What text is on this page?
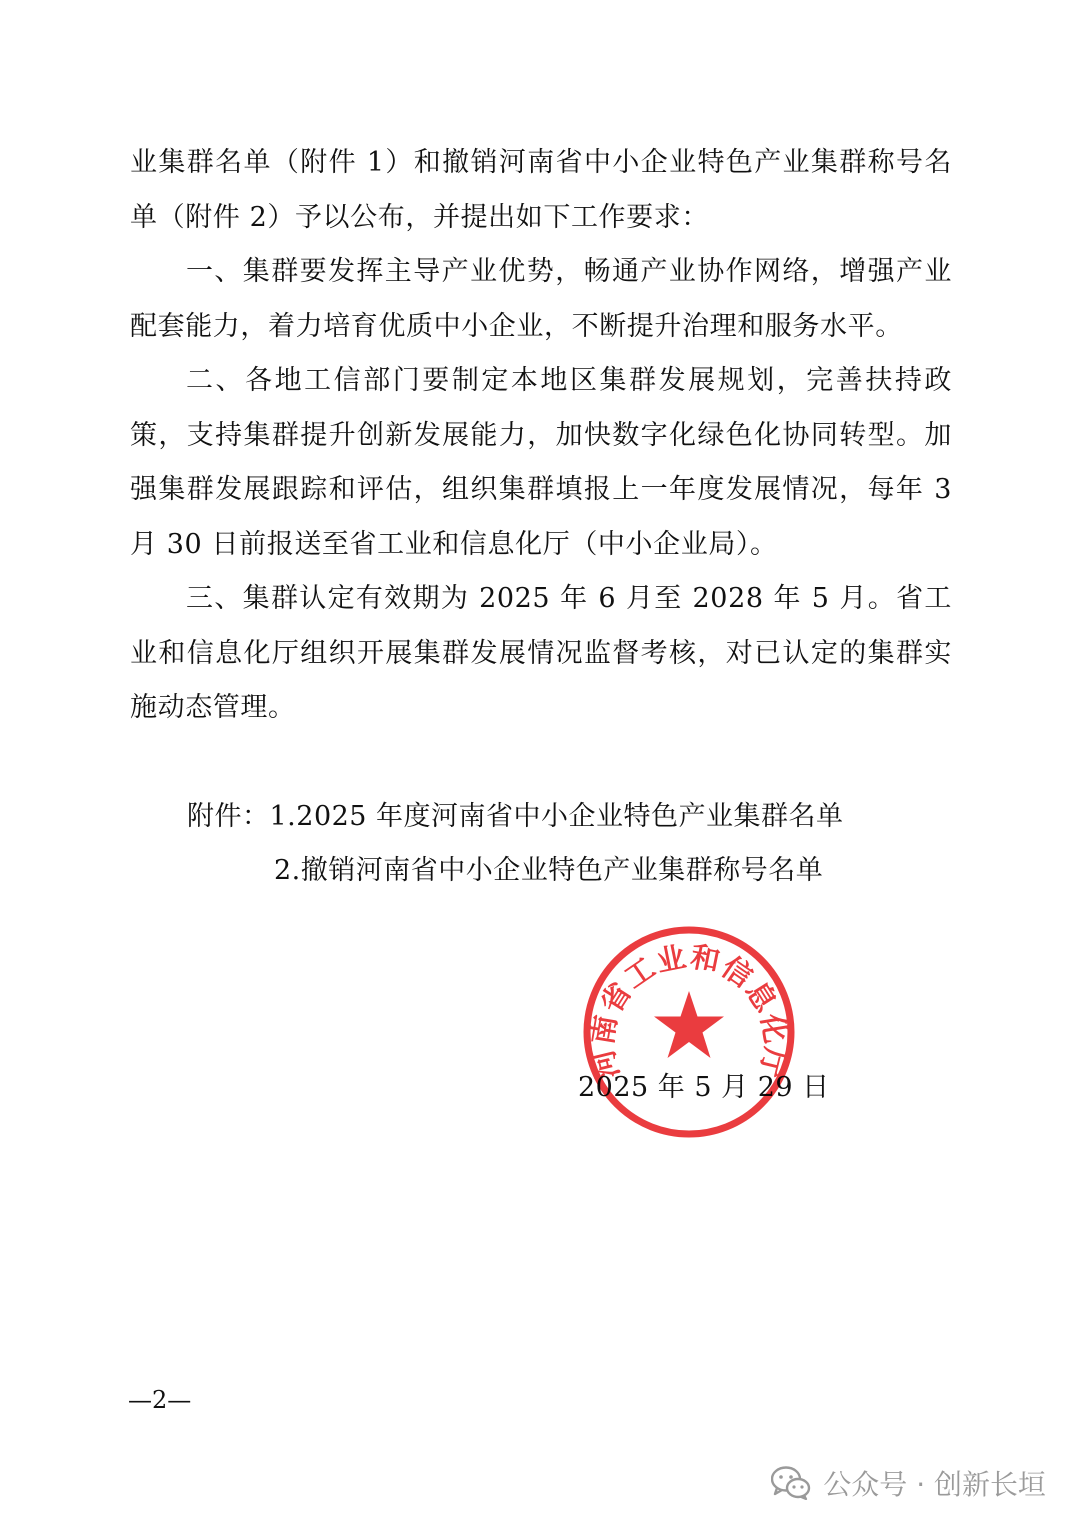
业集群名单（附件 1）和撤销河南省中小企业特色产业集群称号名单（附件 2）予以公布，并提出如下工作要求：

一、集群要发挥主导产业优势，畅通产业协作网络，增强产业配套能力，着力培育优质中小企业，不断提升治理和服务水平。

二、各地工信部门要制定本地区集群发展规划，完善扶持政策，支持集群提升创新发展能力，加快数字化绿色化协同转型。加强集群发展跟踪和评估，组织集群填报上一年度发展情况，每年 3 月 30 日前报送至省工业和信息化厅（中小企业局）。

三、集群认定有效期为 2025 年 6 月至 2028 年 5 月。省工业和信息化厅组织开展集群发展情况监督考核，对已认定的集群实施动态管理。

附件：1.2025 年度河南省中小企业特色产业集群名单
2.撤销河南省中小企业特色产业集群称号名单
2025 年 5 月 29 日
河南省工业和信息化厅
—2—
公众号 · 创新长垣
